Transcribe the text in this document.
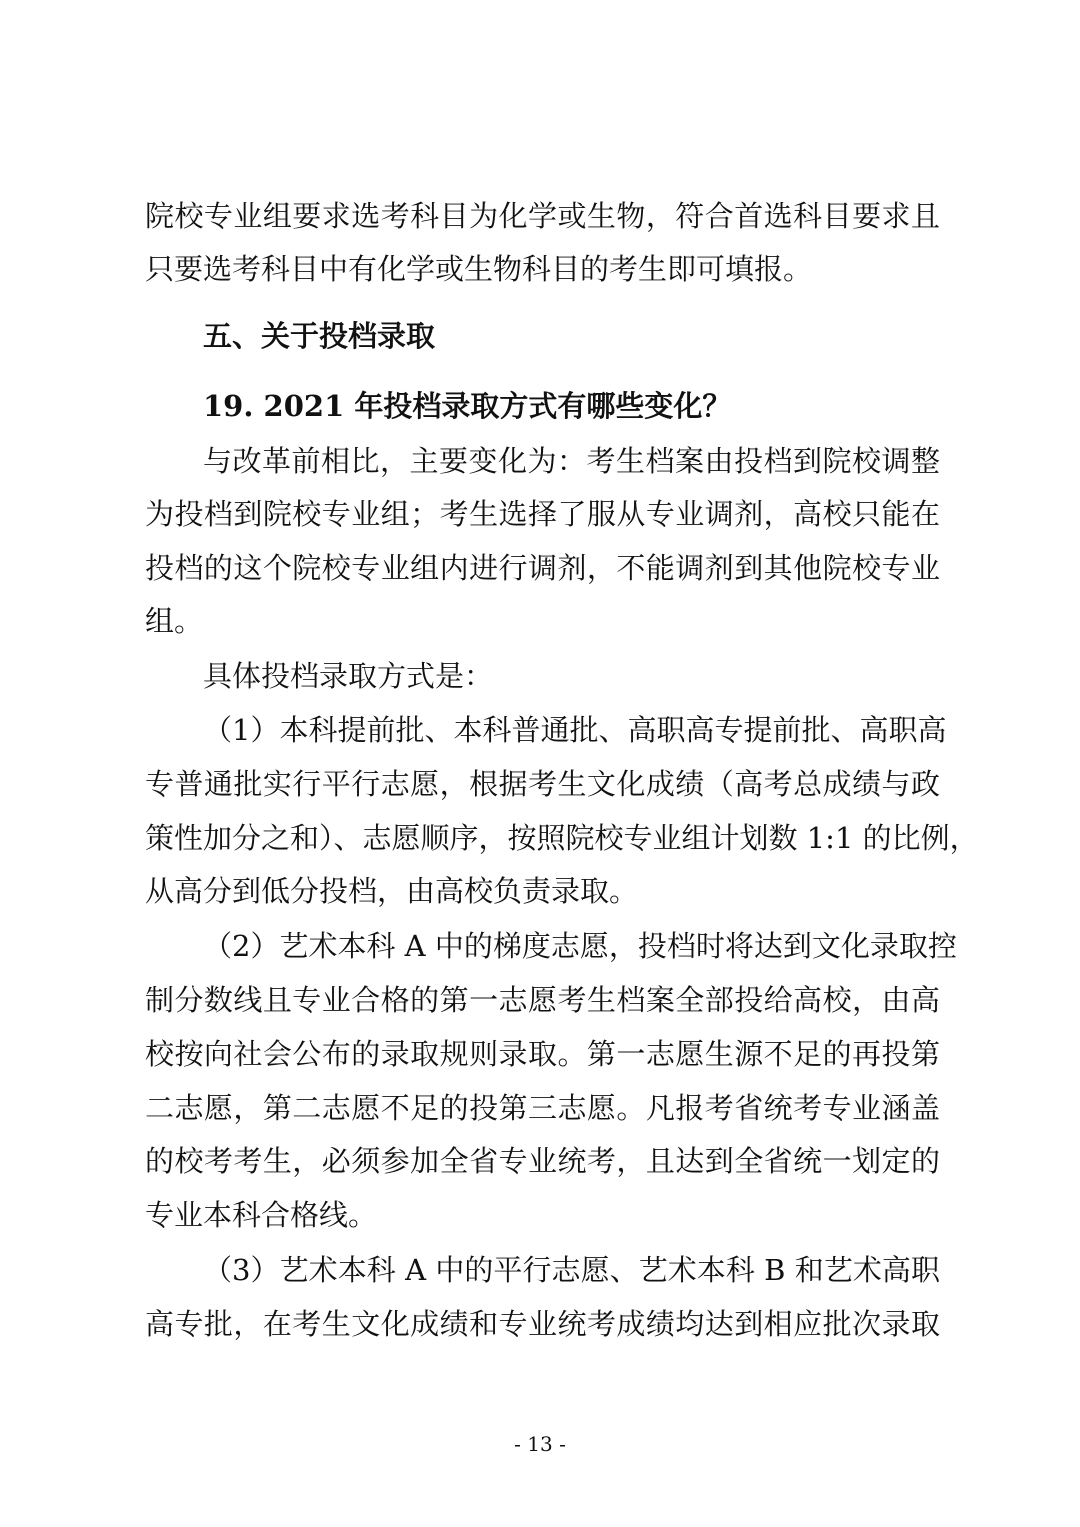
院校专业组要求选考科目为化学或生物，符合首选科目要求且
只要选考科目中有化学或生物科目的考生即可填报。
五、关于投档录取
19. 2021 年投档录取方式有哪些变化？
与改革前相比，主要变化为：考生档案由投档到院校调整
为投档到院校专业组；考生选择了服从专业调剂，高校只能在
投档的这个院校专业组内进行调剂，不能调剂到其他院校专业
组。
具体投档录取方式是：
（1）本科提前批、本科普通批、高职高专提前批、高职高
专普通批实行平行志愿，根据考生文化成绩（高考总成绩与政
策性加分之和）、志愿顺序，按照院校专业组计划数 1:1 的比例，
从高分到低分投档，由高校负责录取。
（2）艺术本科 A 中的梯度志愿，投档时将达到文化录取控
制分数线且专业合格的第一志愿考生档案全部投给高校，由高
校按向社会公布的录取规则录取。第一志愿生源不足的再投第
二志愿，第二志愿不足的投第三志愿。凡报考省统考专业涵盖
的校考考生，必须参加全省专业统考，且达到全省统一划定的
专业本科合格线。
（3）艺术本科 A 中的平行志愿、艺术本科 B 和艺术高职
高专批，在考生文化成绩和专业统考成绩均达到相应批次录取
- 13 -
